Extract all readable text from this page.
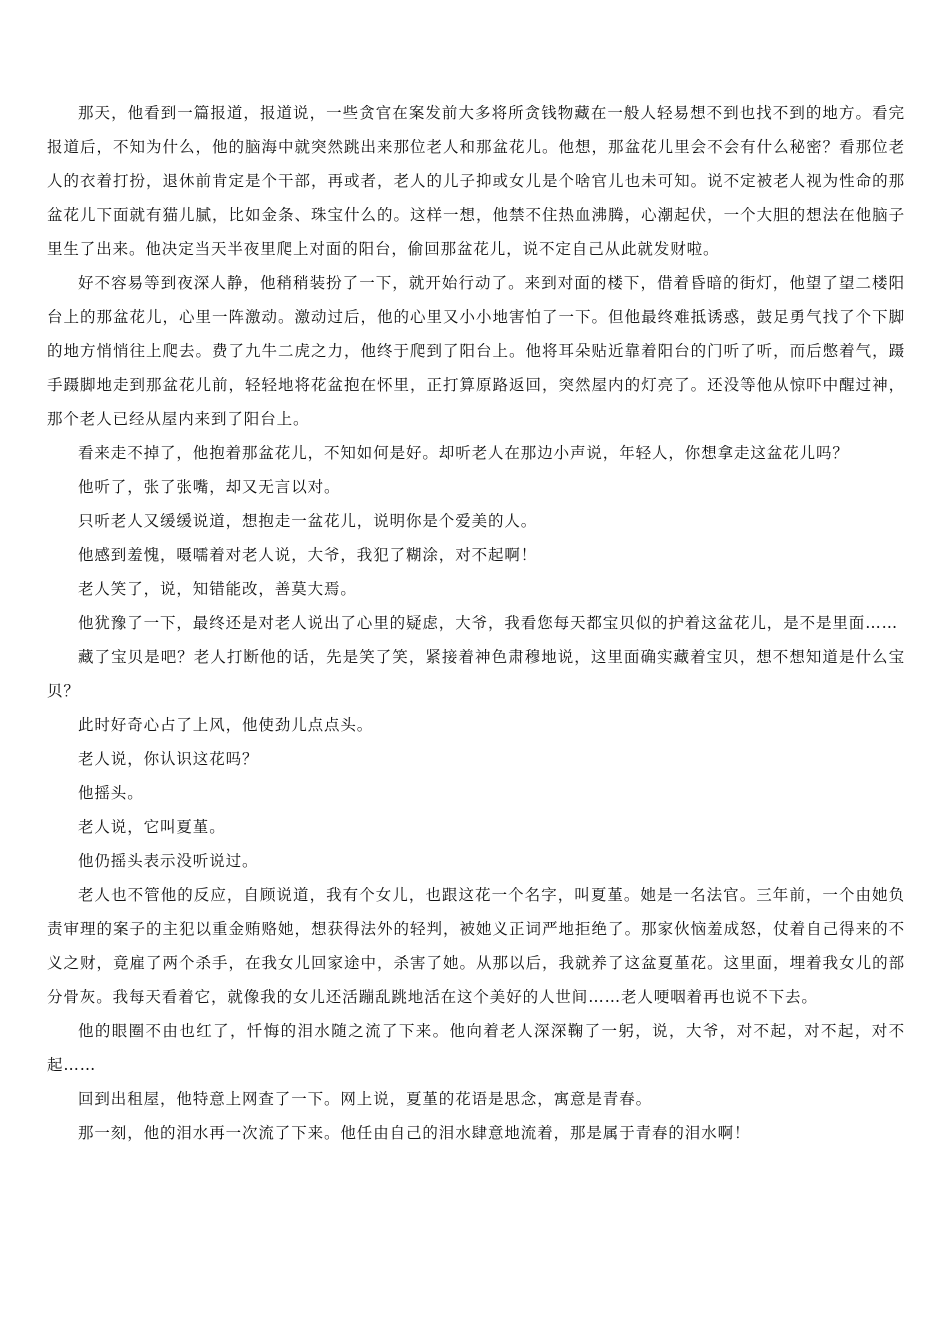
那天，他看到一篇报道，报道说，一些贪官在案发前大多将所贪钱物藏在一般人轻易想不到也找不到的地方。看完报道后，不知为什么，他的脑海中就突然跳出来那位老人和那盆花儿。他想，那盆花儿里会不会有什么秘密？看那位老人的衣着打扮，退休前肯定是个干部，再或者，老人的儿子抑或女儿是个啥官儿也未可知。说不定被老人视为性命的那盆花儿下面就有猫儿腻，比如金条、珠宝什么的。这样一想，他禁不住热血沸腾，心潮起伏，一个大胆的想法在他脑子里生了出来。他决定当天半夜里爬上对面的阳台，偷回那盆花儿，说不定自己从此就发财啦。

好不容易等到夜深人静，他稍稍装扮了一下，就开始行动了。来到对面的楼下，借着昏暗的街灯，他望了望二楼阳台上的那盆花儿，心里一阵激动。激动过后，他的心里又小小地害怕了一下。但他最终难抵诱惑，鼓足勇气找了个下脚的地方悄悄往上爬去。费了九牛二虎之力，他终于爬到了阳台上。他将耳朵贴近靠着阳台的门听了听，而后憋着气，蹑手蹑脚地走到那盆花儿前，轻轻地将花盆抱在怀里，正打算原路返回，突然屋内的灯亮了。还没等他从惊吓中醒过神，那个老人已经从屋内来到了阳台上。

看来走不掉了，他抱着那盆花儿，不知如何是好。却听老人在那边小声说，年轻人，你想拿走这盆花儿吗？

他听了，张了张嘴，却又无言以对。

只听老人又缓缓说道，想抱走一盆花儿，说明你是个爱美的人。

他感到羞愧，嗫嚅着对老人说，大爷，我犯了糊涂，对不起啊！

老人笑了，说，知错能改，善莫大焉。

他犹豫了一下，最终还是对老人说出了心里的疑虑，大爷，我看您每天都宝贝似的护着这盆花儿，是不是里面……

藏了宝贝是吧？老人打断他的话，先是笑了笑，紧接着神色肃穆地说，这里面确实藏着宝贝，想不想知道是什么宝贝？

此时好奇心占了上风，他使劲儿点点头。

老人说，你认识这花吗？

他摇头。

老人说，它叫夏堇。

他仍摇头表示没听说过。

老人也不管他的反应，自顾说道，我有个女儿，也跟这花一个名字，叫夏堇。她是一名法官。三年前，一个由她负责审理的案子的主犯以重金贿赂她，想获得法外的轻判，被她义正词严地拒绝了。那家伙恼羞成怒，仗着自己得来的不义之财，竟雇了两个杀手，在我女儿回家途中，杀害了她。从那以后，我就养了这盆夏堇花。这里面，埋着我女儿的部分骨灰。我每天看着它，就像我的女儿还活蹦乱跳地活在这个美好的人世间……老人哽咽着再也说不下去。

他的眼圈不由也红了，忏悔的泪水随之流了下来。他向着老人深深鞠了一躬，说，大爷，对不起，对不起，对不起……

回到出租屋，他特意上网查了一下。网上说，夏堇的花语是思念，寓意是青春。

那一刻，他的泪水再一次流了下来。他任由自己的泪水肆意地流着，那是属于青春的泪水啊！
